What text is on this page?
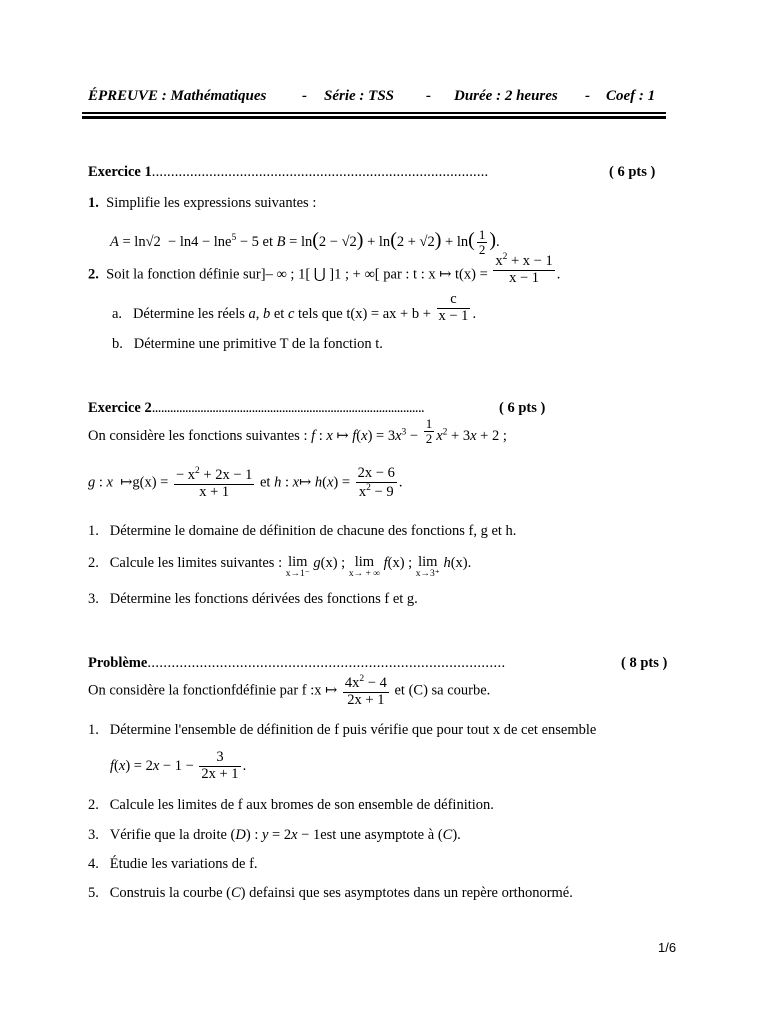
ÉPREUVE : Mathématiques - Série : TSS - Durée : 2 heures - Coef : 1
Exercice 1........................................................................................	( 6 pts )
1. Simplifie les expressions suivantes :
A = ln√2  − ln4 − lne$^5$ − 5 et $B = \ln(2 - √2) + \ln(2 + √2) + \ln( \frac{1}{2}$ ).
2. Soit la fonction définie sur]– ∞ ; 1[ ⋃ ]1 ; + ∞[ par : t : x ↦ $t(x) = \frac{x^2 + x - 1}{x - 1}$ .
a. Détermine les réels a, b et c tels que t(x) = ax + $b + \frac{c}{x - 1}$ .
b. Détermine une primitive T de la fonction t.
Exercice 2..........................................................................................	( 6 pts )
On considère les fonctions suivantes : f : x ↦ $f(x) = 3x^3 - \frac{1}{2} x^2 + 3x + 2$ ;
g : x  ↦g(x) = $\frac{- x^2 + 2x - 1}{x + 1}$ et h : x↦ $h(x) = \frac{2x - 6}{x^2 - 9}$ .
1. Détermine le domaine de définition de chacune des fonctions f, g et h.
2. Calcule les limites suivantes : lim
x→1⁻
g(x) ; lim
x→ + ∞
f(x) ; lim
x→3⁺
h(x).
3. Détermine les fonctions dérivées des fonctions f et g.
Problème.........................................................................................	( 8 pts )
On considère la fonctionfdéfinie par f :x ↦ $\frac{4x^2 - 4}{2x + 1}$ et (C) sa courbe.
1. Détermine l'ensemble de définition de f puis vérifie que pour tout x de cet ensemble
$f(x) = 2x - 1 - \frac{3}{2x + 1}$ .
2. Calcule les limites de f aux bromes de son ensemble de définition.
3. Vérifie que la droite (D) : y = 2x − 1est une asymptote à (C).
4. Étudie les variations de f.
5. Construis la courbe (C) defainsi que ses asymptotes dans un repère orthonormé.
1/6
